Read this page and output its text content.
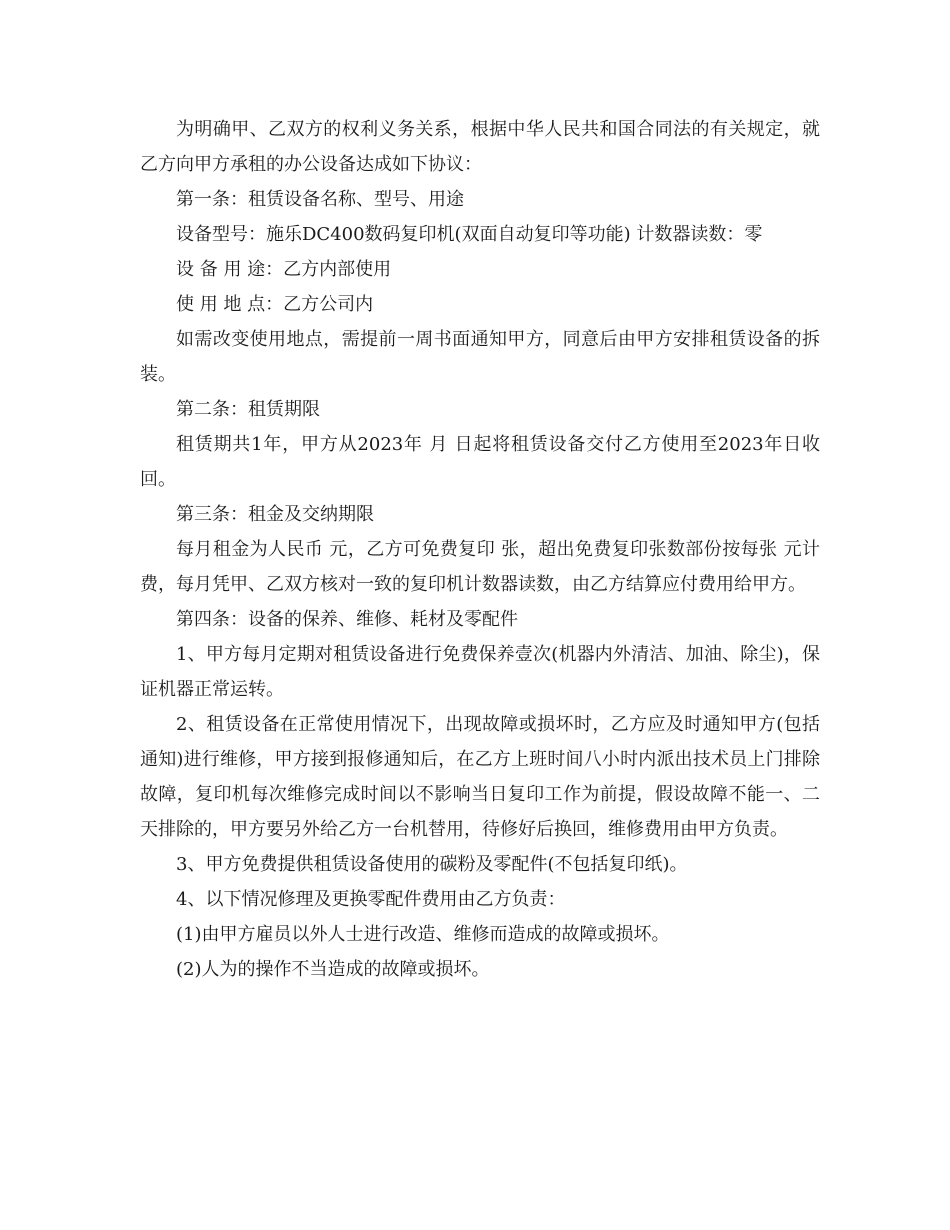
为明确甲、乙双方的权利义务关系，根据中华人民共和国合同法的有关规定，就乙方向甲方承租的办公设备达成如下协议：

第一条：租赁设备名称、型号、用途

设备型号：施乐DC400数码复印机(双面自动复印等功能) 计数器读数：零

设 备 用 途：乙方内部使用

使 用 地 点：乙方公司内

如需改变使用地点，需提前一周书面通知甲方，同意后由甲方安排租赁设备的拆装。

第二条：租赁期限

租赁期共1年，甲方从2023年 月 日起将租赁设备交付乙方使用至2023年日收回。

第三条：租金及交纳期限

每月租金为人民币 元，乙方可免费复印 张，超出免费复印张数部份按每张 元计费，每月凭甲、乙双方核对一致的复印机计数器读数，由乙方结算应付费用给甲方。

第四条：设备的保养、维修、耗材及零配件

1、甲方每月定期对租赁设备进行免费保养壹次(机器内外清洁、加油、除尘)，保证机器正常运转。

2、租赁设备在正常使用情况下，出现故障或损坏时，乙方应及时通知甲方(包括 通知)进行维修，甲方接到报修通知后，在乙方上班时间八小时内派出技术员上门排除故障，复印机每次维修完成时间以不影响当日复印工作为前提，假设故障不能一、二天排除的，甲方要另外给乙方一台机替用，待修好后换回，维修费用由甲方负责。

3、甲方免费提供租赁设备使用的碳粉及零配件(不包括复印纸)。

4、以下情况修理及更换零配件费用由乙方负责：

(1)由甲方雇员以外人士进行改造、维修而造成的故障或损坏。

(2)人为的操作不当造成的故障或损坏。
